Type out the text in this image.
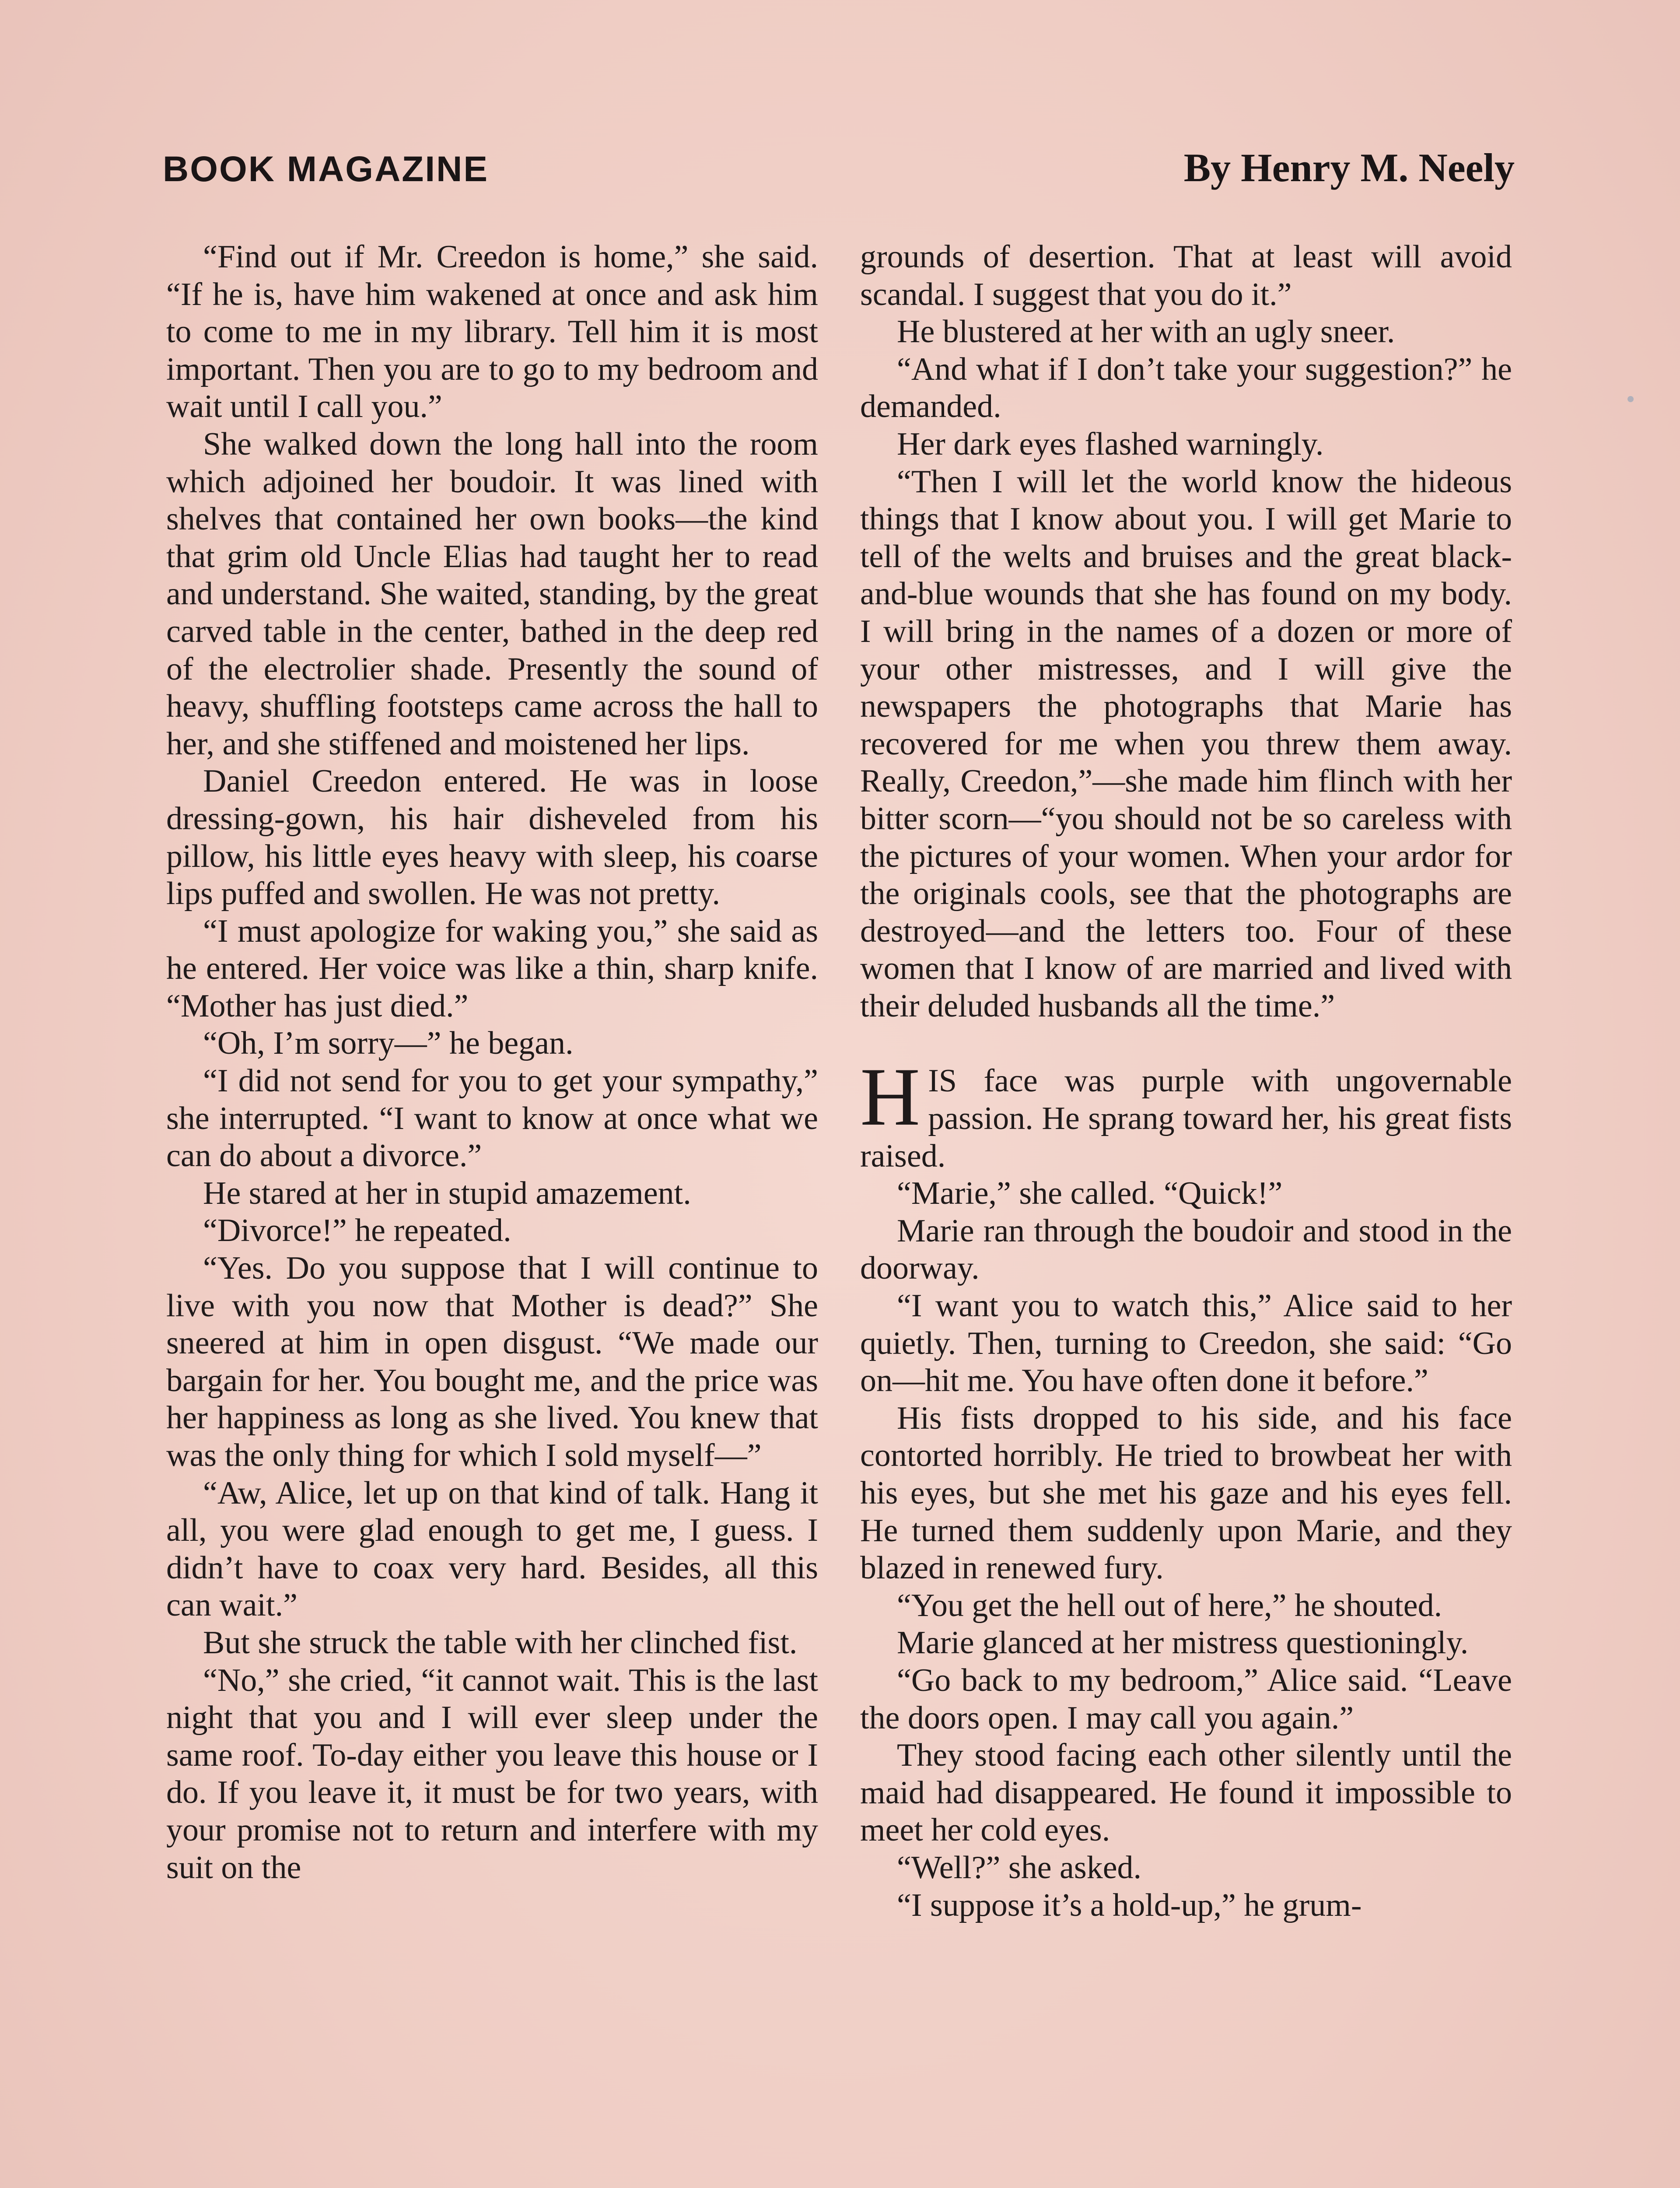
BOOK MAGAZINE	By Henry M. Neely

“Find out if Mr. Creedon is home,” she said. “If he is, have him wakened at once and ask him to come to me in my library. Tell him it is most important. Then you are to go to my bedroom and wait until I call you.”

She walked down the long hall into the room which adjoined her boudoir. It was lined with shelves that contained her own books—the kind that grim old Uncle Elias had taught her to read and understand. She waited, standing, by the great carved table in the center, bathed in the deep red of the electrolier shade. Presently the sound of heavy, shuffling footsteps came across the hall to her, and she stiffened and moistened her lips.

Daniel Creedon entered. He was in loose dressing-gown, his hair disheveled from his pillow, his little eyes heavy with sleep, his coarse lips puffed and swollen. He was not pretty.

“I must apologize for waking you,” she said as he entered. Her voice was like a thin, sharp knife. “Mother has just died.”

“Oh, I’m sorry—” he began.

“I did not send for you to get your sympathy,” she interrupted. “I want to know at once what we can do about a divorce.”

He stared at her in stupid amazement.

“Divorce!” he repeated.

“Yes. Do you suppose that I will continue to live with you now that Mother is dead?” She sneered at him in open disgust. “We made our bargain for her. You bought me, and the price was her happiness as long as she lived. You knew that was the only thing for which I sold myself—”

“Aw, Alice, let up on that kind of talk. Hang it all, you were glad enough to get me, I guess. I didn’t have to coax very hard. Besides, all this can wait.”

But she struck the table with her clinched fist.

“No,” she cried, “it cannot wait. This is the last night that you and I will ever sleep under the same roof. To-day either you leave this house or I do. If you leave it, it must be for two years, with your promise not to return and interfere with my suit on the

grounds of desertion. That at least will avoid scandal. I suggest that you do it.”

He blustered at her with an ugly sneer.

“And what if I don’t take your suggestion?” he demanded.

Her dark eyes flashed warningly.

“Then I will let the world know the hideous things that I know about you. I will get Marie to tell of the welts and bruises and the great black-and-blue wounds that she has found on my body. I will bring in the names of a dozen or more of your other mistresses, and I will give the newspapers the photographs that Marie has recovered for me when you threw them away. Really, Creedon,”—she made him flinch with her bitter scorn—“you should not be so careless with the pictures of your women. When your ardor for the originals cools, see that the photographs are destroyed—and the letters too. Four of these women that I know of are married and lived with their deluded husbands all the time.”

HIS face was purple with ungovernable passion. He sprang toward her, his great fists raised.

“Marie,” she called. “Quick!”

Marie ran through the boudoir and stood in the doorway.

“I want you to watch this,” Alice said to her quietly. Then, turning to Creedon, she said: “Go on—hit me. You have often done it before.”

His fists dropped to his side, and his face contorted horribly. He tried to browbeat her with his eyes, but she met his gaze and his eyes fell. He turned them suddenly upon Marie, and they blazed in renewed fury.

“You get the hell out of here,” he shouted.

Marie glanced at her mistress questioningly.

“Go back to my bedroom,” Alice said. “Leave the doors open. I may call you again.”

They stood facing each other silently until the maid had disappeared. He found it impossible to meet her cold eyes.

“Well?” she asked.

“I suppose it’s a hold-up,” he grum-
